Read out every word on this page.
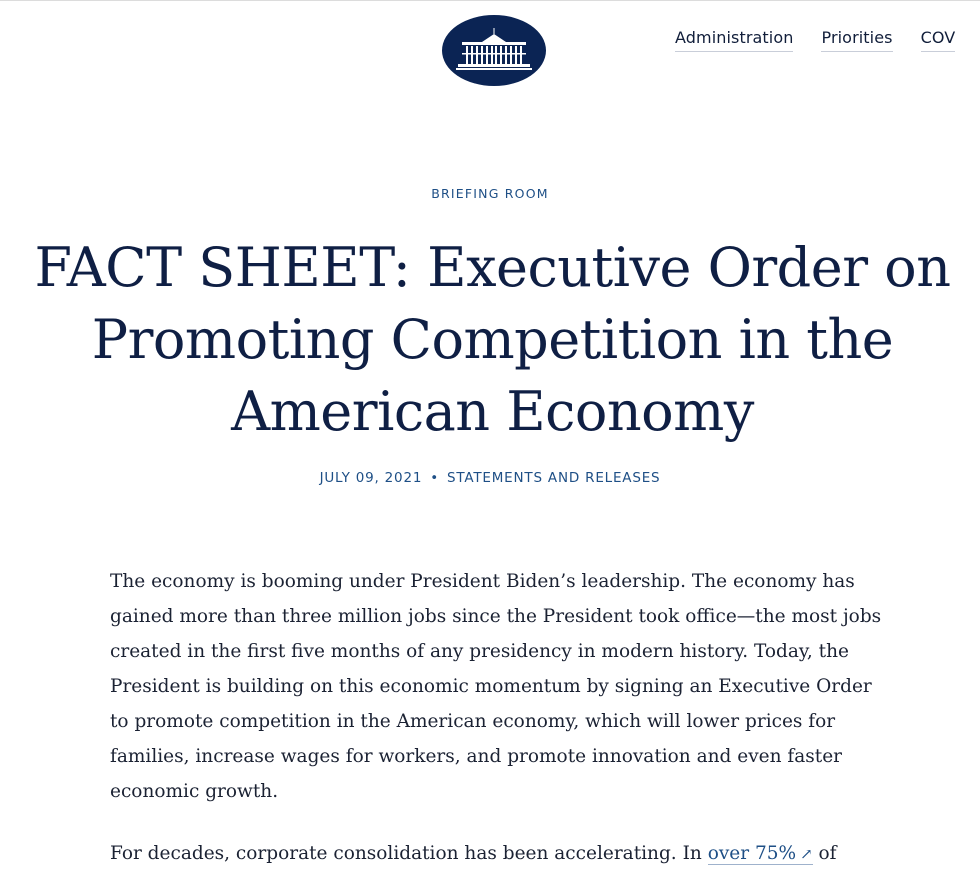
Administration Priorities COV
BRIEFING ROOM
FACT SHEET: Executive Order on Promoting Competition in the American Economy
JULY 09, 2021 • STATEMENTS AND RELEASES

The economy is booming under President Biden’s leadership. The economy has gained more than three million jobs since the President took office—the most jobs created in the first five months of any presidency in modern history. Today, the President is building on this economic momentum by signing an Executive Order to promote competition in the American economy, which will lower prices for families, increase wages for workers, and promote innovation and even faster economic growth.

For decades, corporate consolidation has been accelerating. In over 75% ↗ of
